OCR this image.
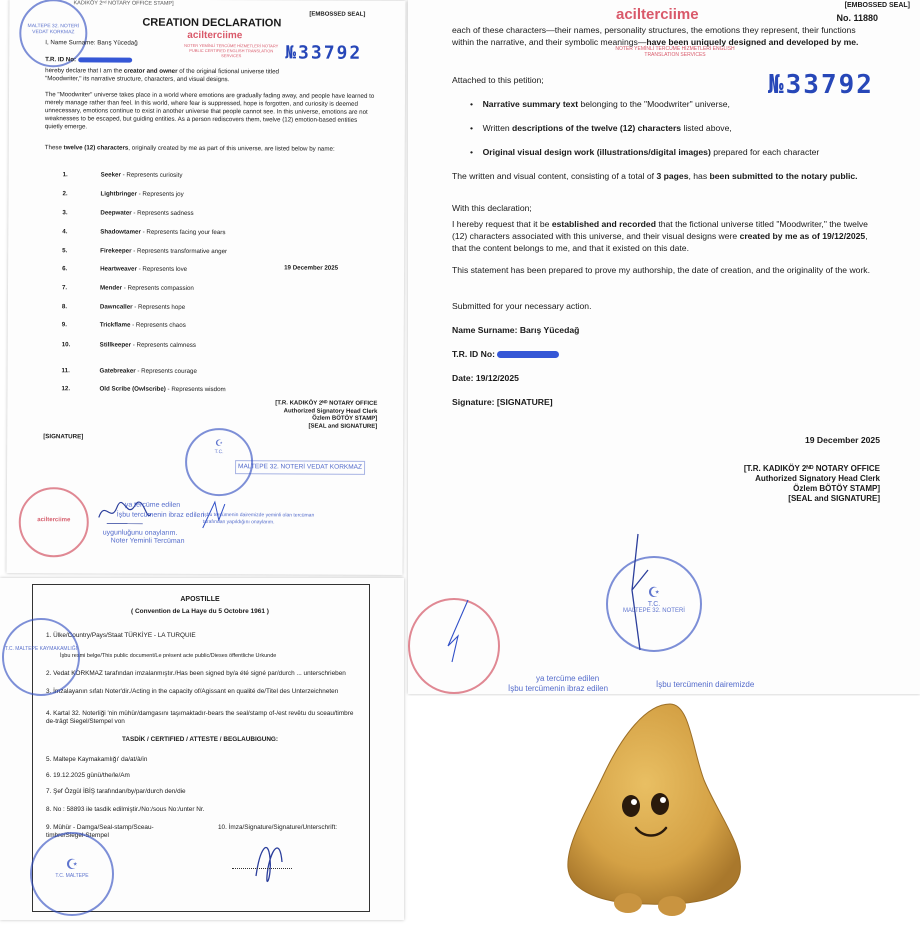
KADIKÖY 2ⁿᵈ NOTARY OFFICE STAMP]
[EMBOSSED SEAL]
MALTEPE 32. NOTERİ VEDAT KORKMAZ
CREATION DECLARATION
acilterciime
NOTER YEMİNLİ TERCÜME HİZMETLERİ NOTARY PUBLIC CERTIFIED ENGLISH TRANSLATION SERVICES	№33792
I, Name Surname: Barış Yücedağ
T.R. ID No:
hereby declare that I am the creator and owner of the original fictional universe titled
"Moodwriter," its narrative structure, characters, and visual designs.
The "Moodwriter" universe takes place in a world where emotions are gradually fading away, and people have learned to merely manage rather than feel. In this world, where fear is suppressed, hope is forgotten, and curiosity is deemed unnecessary, emotions continue to exist in another universe that people cannot see. In this universe, emotions are not weaknesses to be escaped, but guiding entities. As a person rediscovers them, twelve (12) emotion-based entities quietly emerge.
These twelve (12) characters, originally created by me as part of this universe, are listed below by name:
1.	Seeker - Represents curiosity
2.	Lightbringer - Represents joy
3.	Deepwater - Represents sadness
4.	Shadowtamer - Represents facing your fears
5.	Firekeeper - Represents transformative anger
6.	Heartweaver - Represents love
7.	Mender - Represents compassion
8.	Dawncaller - Represents hope
9.	Trickflame - Represents chaos
10.	Stillkeeper - Represents calmness
11.	Gatebreaker - Represents courage
12.	Old Scribe (Owlscribe) - Represents wisdom
19 December 2025
[T.R. KADIKÖY 2ᴺᴰ NOTARY OFFICE
Authorized Signatory Head Clerk
Özlem BÖTÖY STAMP]
[SEAL and SIGNATURE]
[SIGNATURE]
☪
T.C.
MALTEPE 32. NOTERİ VEDAT KORKMAZ
acilterciime
ya tercüme edilen
İşbu tercümenin ibraz edilen
uygunluğunu onaylarım.
Noter Yeminli Tercüman
İşbu tercümenin dairemizde yeminli olan tercüman tarafından yapıldığını onaylarım.
acilterciime
NOTER YEMİNLİ TERCÜME HİZMETLERİ ENGLISH TRANSLATION SERVICES
[EMBOSSED SEAL]
No. 11880
each of these characters—their names, personality structures, the emotions they represent, their functions within the narrative, and their symbolic meanings—have been uniquely designed and developed by me.
№33792
Attached to this petition;
•    Narrative summary text belonging to the "Moodwriter" universe,
•    Written descriptions of the twelve (12) characters listed above,
•    Original visual design work (illustrations/digital images) prepared for each character
The written and visual content, consisting of a total of 3 pages, has been submitted to the notary public.
With this declaration;
I hereby request that it be established and recorded that the fictional universe titled "Moodwriter," the twelve (12) characters associated with this universe, and their visual designs were created by me as of 19/12/2025, that the content belongs to me, and that it existed on this date.
This statement has been prepared to prove my authorship, the date of creation, and the originality of the work.
Submitted for your necessary action.
Name Surname: Barış Yücedağ
T.R. ID No:
Date: 19/12/2025
Signature: [SIGNATURE]
19 December 2025
[T.R. KADIKÖY 2ᴺᴰ NOTARY OFFICE
Authorized Signatory Head Clerk
Özlem BÖTÖY STAMP]
[SEAL and SIGNATURE]
☪
T.C.
MALTEPE 32. NOTERİ
ya tercüme edilen
İşbu tercümenin ibraz edilen	İşbu tercümenin dairemizde
APOSTILLE
( Convention de La Haye du 5 Octobre 1961 )
1. Ülke/Country/Pays/Staat TÜRKİYE - LA TURQUIE
İşbu resmi belge/This public document/Le présent acte public/Dieses öffentliche Urkunde
2. Vedat KORKMAZ tarafından imzalanmıştır./Has been signed by/a été signé par/durch ... unterschrieben
3. İmzalayanın sıfatı Noter'dir./Acting in the capacity of/Agissant en qualité de/Titel des Unterzeichneten
4. Kartal 32. Noterliği 'nin mühür/damgasını taşımaktadır-bears the seal/stamp of-/est revêtu du sceau/timbre de-trägt Siegel/Stempel von
TASDİK / CERTIFIED / ATTESTE / BEGLAUBIGUNG:
5. Maltepe Kaymakamlığı' da/at/à/in
6. 19.12.2025 günü/the/le/Am
7. Şef Özgül İBİŞ tarafından/by/par/durch den/die
8. No : 58893 ile tasdik edilmiştir./No:/sous No:/unter Nr.
9. Mühür - Damga/Seal-stamp/Sceau-timbre/Siegel-Stempel
10. İmza/Signature/Signature/Unterschrift:
T.C. MALTEPE KAYMAKAMLIĞI
☪
T.C. MALTEPE
